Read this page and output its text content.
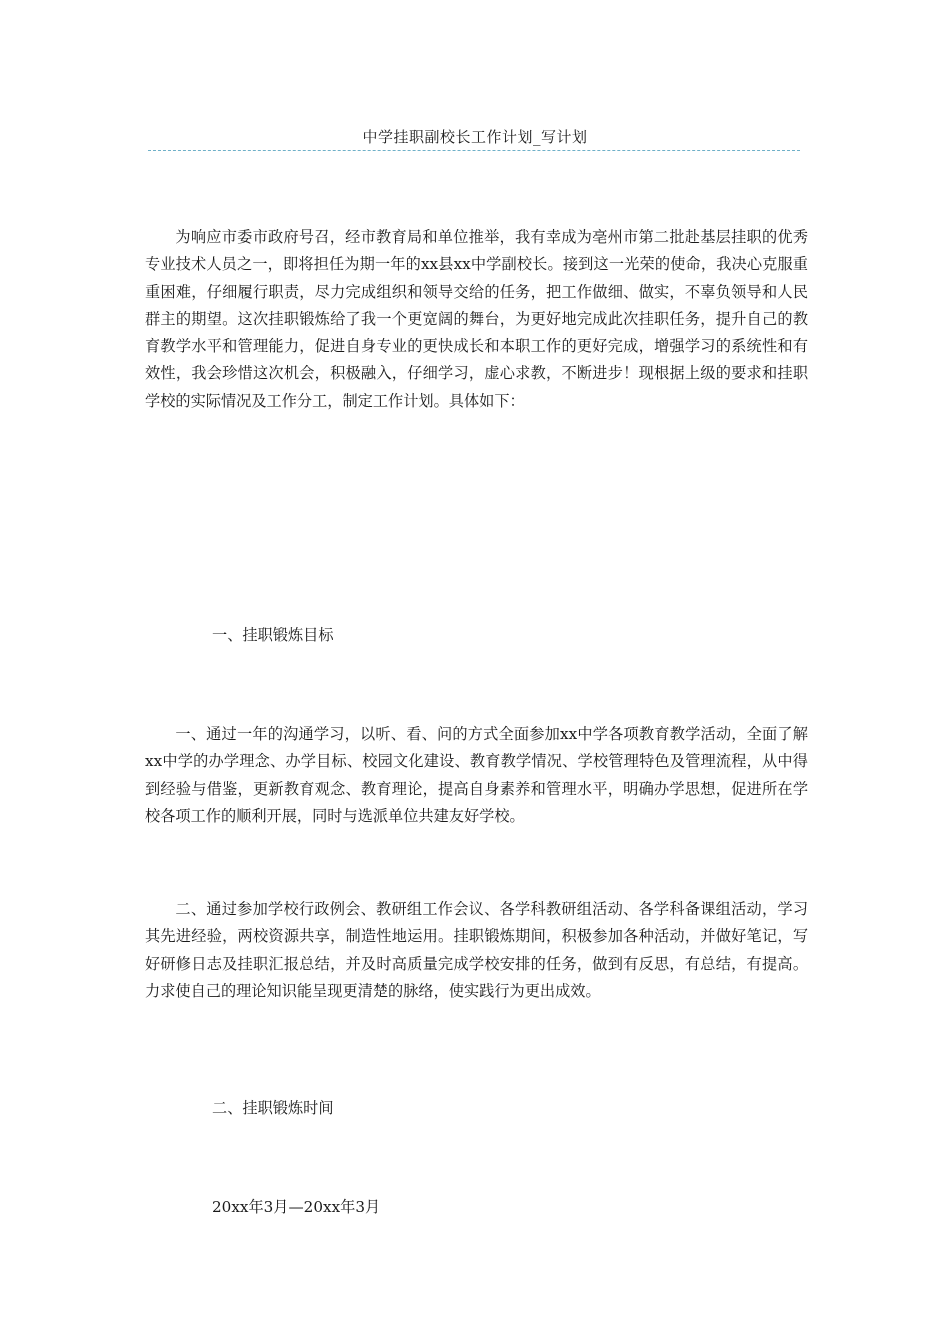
中学挂职副校长工作计划_写计划

为响应市委市政府号召，经市教育局和单位推举，我有幸成为亳州市第二批赴基层挂职的优秀专业技术人员之一，即将担任为期一年的xx县xx中学副校长。接到这一光荣的使命，我决心克服重重困难，仔细履行职责，尽力完成组织和领导交给的任务，把工作做细、做实，不辜负领导和人民群主的期望。这次挂职锻炼给了我一个更宽阔的舞台，为更好地完成此次挂职任务，提升自己的教育教学水平和管理能力，促进自身专业的更快成长和本职工作的更好完成，增强学习的系统性和有效性，我会珍惜这次机会，积极融入，仔细学习，虚心求教，不断进步！现根据上级的要求和挂职学校的实际情况及工作分工，制定工作计划。具体如下：

一、挂职锻炼目标

一、通过一年的沟通学习，以听、看、问的方式全面参加xx中学各项教育教学活动，全面了解xx中学的办学理念、办学目标、校园文化建设、教育教学情况、学校管理特色及管理流程，从中得到经验与借鉴，更新教育观念、教育理论，提高自身素养和管理水平，明确办学思想，促进所在学校各项工作的顺利开展，同时与选派单位共建友好学校。

二、通过参加学校行政例会、教研组工作会议、各学科教研组活动、各学科备课组活动，学习其先进经验，两校资源共享，制造性地运用。挂职锻炼期间，积极参加各种活动，并做好笔记，写好研修日志及挂职汇报总结，并及时高质量完成学校安排的任务，做到有反思，有总结，有提高。力求使自己的理论知识能呈现更清楚的脉络，使实践行为更出成效。

二、挂职锻炼时间

20xx年3月—20xx年3月
